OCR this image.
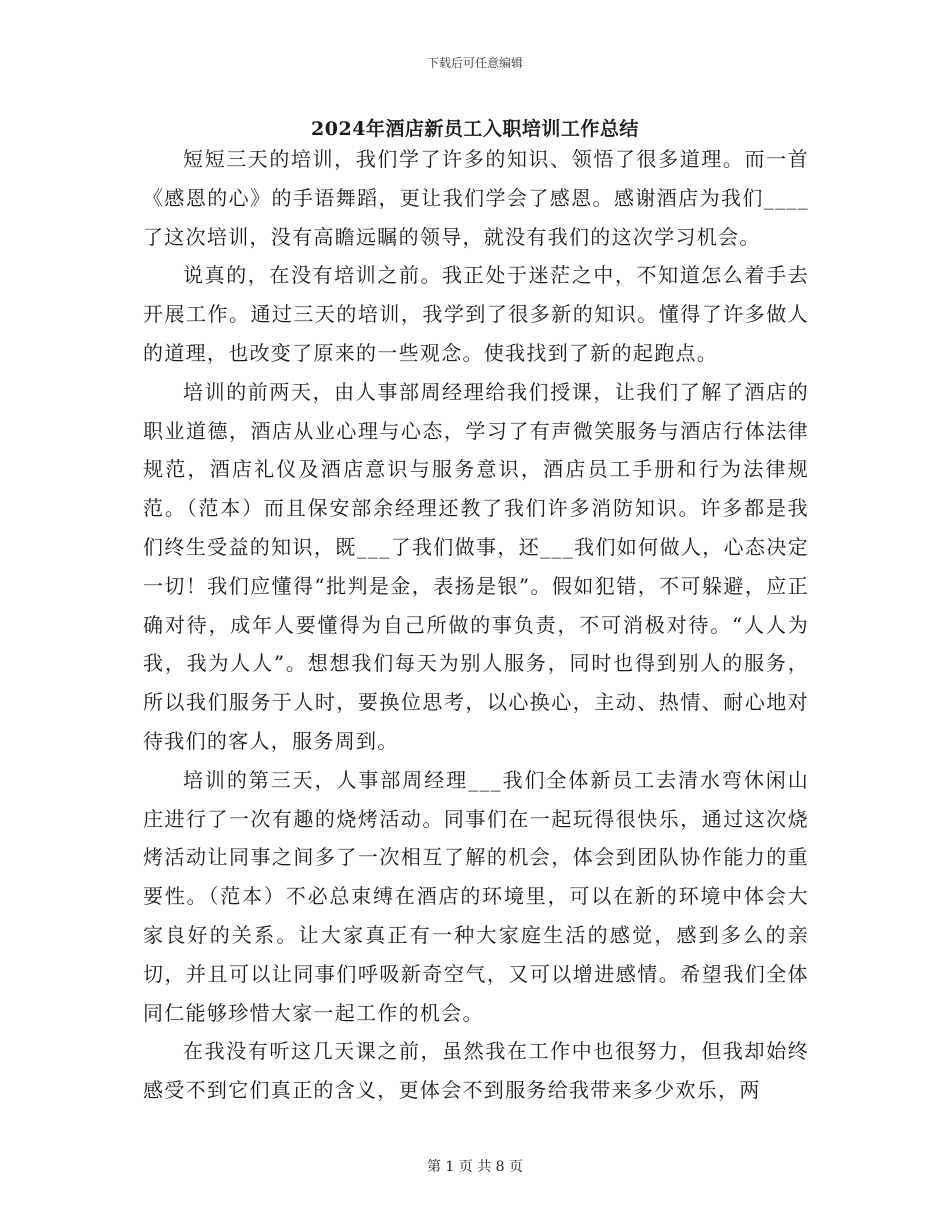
下载后可任意编辑
2024年酒店新员工入职培训工作总结

短短三天的培训，我们学了许多的知识、领悟了很多道理。而一首《感恩的心》的手语舞蹈，更让我们学会了感恩。感谢酒店为我们____了这次培训，没有高瞻远瞩的领导，就没有我们的这次学习机会。

说真的，在没有培训之前。我正处于迷茫之中，不知道怎么着手去开展工作。通过三天的培训，我学到了很多新的知识。懂得了许多做人的道理，也改变了原来的一些观念。使我找到了新的起跑点。

培训的前两天，由人事部周经理给我们授课，让我们了解了酒店的职业道德，酒店从业心理与心态，学习了有声微笑服务与酒店行体法律规范，酒店礼仪及酒店意识与服务意识，酒店员工手册和行为法律规范。（范本）而且保安部余经理还教了我们许多消防知识。许多都是我们终生受益的知识，既___了我们做事，还___我们如何做人，心态决定一切！我们应懂得“批判是金，表扬是银”。假如犯错，不可躲避，应正确对待，成年人要懂得为自己所做的事负责，不可消极对待。“人人为我，我为人人”。想想我们每天为别人服务，同时也得到别人的服务，所以我们服务于人时，要换位思考，以心换心，主动、热情、耐心地对待我们的客人，服务周到。

培训的第三天，人事部周经理___我们全体新员工去清水弯休闲山庄进行了一次有趣的烧烤活动。同事们在一起玩得很快乐，通过这次烧烤活动让同事之间多了一次相互了解的机会，体会到团队协作能力的重要性。（范本）不必总束缚在酒店的环境里，可以在新的环境中体会大家良好的关系。让大家真正有一种大家庭生活的感觉，感到多么的亲切，并且可以让同事们呼吸新奇空气，又可以增进感情。希望我们全体同仁能够珍惜大家一起工作的机会。

在我没有听这几天课之前，虽然我在工作中也很努力，但我却始终感受不到它们真正的含义，更体会不到服务给我带来多少欢乐，两

第 1 页 共 8 页
